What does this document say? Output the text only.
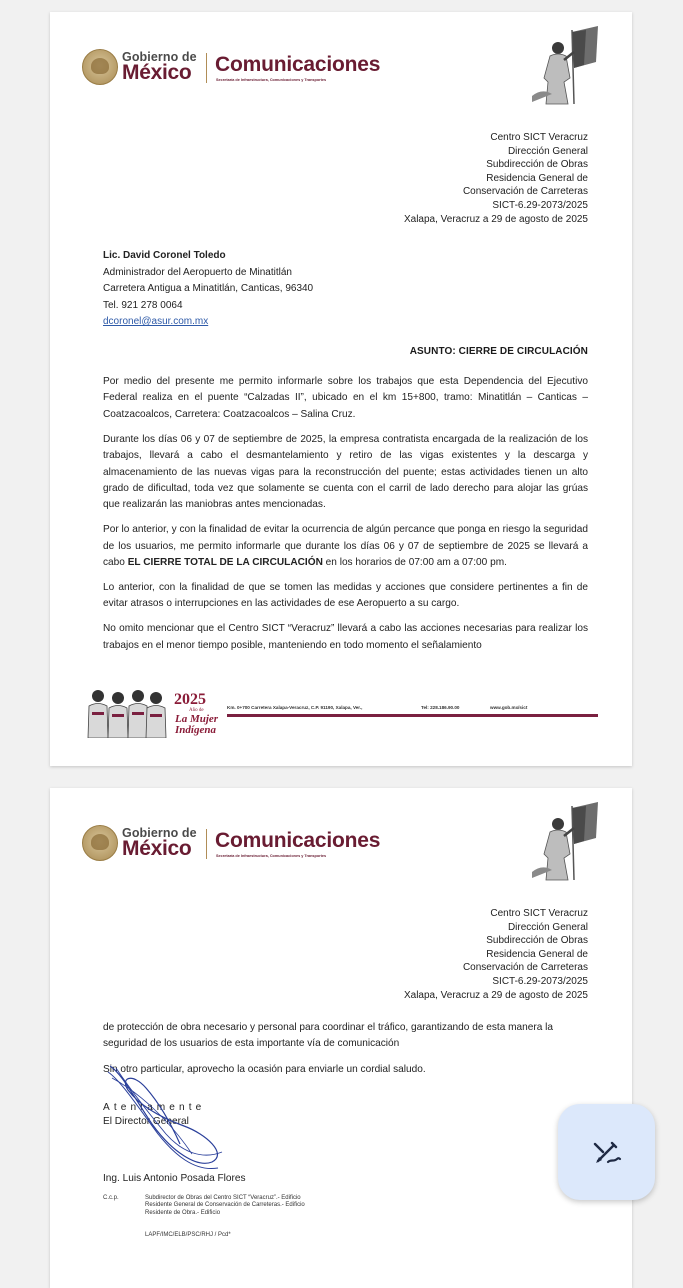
Gobierno de
México Comunicaciones
Secretaría de Infraestructura, Comunicaciones y Transportes
Centro SICT Veracruz
Dirección General
Subdirección de Obras
Residencia General de
Conservación de Carreteras
SICT-6.29-2073/2025
Xalapa, Veracruz a 29 de agosto de 2025
Lic. David Coronel Toledo
Administrador del Aeropuerto de Minatitlán
Carretera Antigua a Minatitlán, Canticas, 96340
Tel. 921 278 0064
dcoronel@asur.com.mx
ASUNTO: CIERRE DE CIRCULACIÓN

Por medio del presente me permito informarle sobre los trabajos que esta Dependencia del Ejecutivo Federal realiza en el puente “Calzadas II”, ubicado en el km 15+800, tramo: Minatitlán – Canticas – Coatzacoalcos, Carretera: Coatzacoalcos – Salina Cruz.

Durante los días 06 y 07 de septiembre de 2025, la empresa contratista encargada de la realización de los trabajos, llevará a cabo el desmantelamiento y retiro de las vigas existentes y la descarga y almacenamiento de las nuevas vigas para la reconstrucción del puente; estas actividades tienen un alto grado de dificultad, toda vez que solamente se cuenta con el carril de lado derecho para alojar las grúas que realizarán las maniobras antes mencionadas.

Por lo anterior, y con la finalidad de evitar la ocurrencia de algún percance que ponga en riesgo la seguridad de los usuarios, me permito informarle que durante los días 06 y 07 de septiembre de 2025 se llevará a cabo EL CIERRE TOTAL DE LA CIRCULACIÓN en los horarios de 07:00 am a 07:00 pm.

Lo anterior, con la finalidad de que se tomen las medidas y acciones que considere pertinentes a fin de evitar atrasos o interrupciones en las actividades de ese Aeropuerto a su cargo.

No omito mencionar que el Centro SICT “Veracruz” llevará a cabo las acciones necesarias para realizar los trabajos en el menor tiempo posible, manteniendo en todo momento el señalamiento

2025
Año de
La Mujer
Indígena
Km. 0+700 Carretera Xalapa-Veracruz, C.P. 91190, Xalapa, Ver.,	Tel: 228.186.90.00	www.gob.mx/sict
Gobierno de
México Comunicaciones
Secretaría de Infraestructura, Comunicaciones y Transportes
Centro SICT Veracruz
Dirección General
Subdirección de Obras
Residencia General de
Conservación de Carreteras
SICT-6.29-2073/2025
Xalapa, Veracruz a 29 de agosto de 2025
de protección de obra necesario y personal para coordinar el tráfico, garantizando de esta manera la seguridad de los usuarios de esta importante vía de comunicación
Sin otro particular, aprovecho la ocasión para enviarle un cordial saludo.
Atentamente
El Director General
Ing. Luis Antonio Posada Flores
C.c.p.	Subdirector de Obras del Centro SICT “Veracruz”.- Edificio
Residente General de Conservación de Carreteras.- Edificio
Residente de Obra.- Edificio
LAPF/IMC/ELB/PSC/RHJ / Pcd*
